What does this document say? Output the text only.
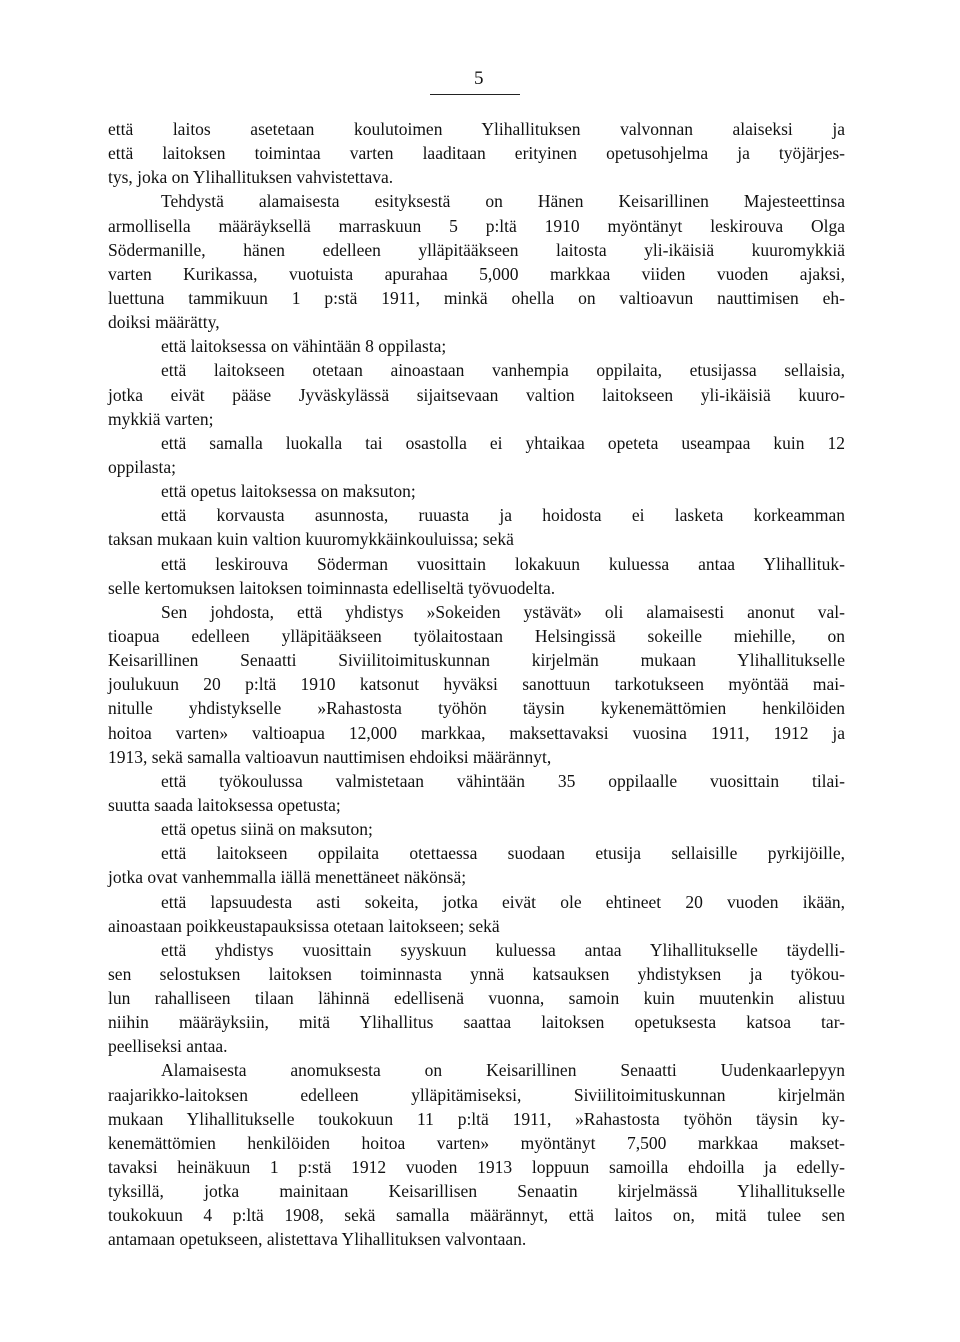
5
että laitos asetetaan koulutoimen Ylihallituksen valvonnan alaiseksi ja
että laitoksen toimintaa varten laaditaan erityinen opetusohjelma ja työjärjes-
tys, joka on Ylihallituksen vahvistettava.
Tehdystä alamaisesta esityksestä on Hänen Keisarillinen Majesteettinsa
armollisella määräyksellä marraskuun 5 p:ltä 1910 myöntänyt leskirouva Olga
Södermanille, hänen edelleen ylläpitääkseen laitosta yli-ikäisiä kuuromykkiä
varten Kurikassa, vuotuista apurahaa 5,000 markkaa viiden vuoden ajaksi,
luettuna tammikuun 1 p:stä 1911, minkä ohella on valtioavun nauttimisen eh-
doiksi määrätty,
että laitoksessa on vähintään 8 oppilasta;
että laitokseen otetaan ainoastaan vanhempia oppilaita, etusijassa sellaisia,
jotka eivät pääse Jyväskylässä sijaitsevaan valtion laitokseen yli-ikäisiä kuuro-
mykkiä varten;
että samalla luokalla tai osastolla ei yhtaikaa opeteta useampaa kuin 12
oppilasta;
että opetus laitoksessa on maksuton;
että korvausta asunnosta, ruuasta ja hoidosta ei lasketa korkeamman
taksan mukaan kuin valtion kuuromykkäinkouluissa; sekä
että leskirouva Söderman vuosittain lokakuun kuluessa antaa Ylihallituk-
selle kertomuksen laitoksen toiminnasta edelliseltä työvuodelta.
Sen johdosta, että yhdistys »Sokeiden ystävät» oli alamaisesti anonut val-
tioapua edelleen ylläpitääkseen työlaitostaan Helsingissä sokeille miehille, on
Keisarillinen Senaatti Siviilitoimituskunnan kirjelmän mukaan Ylihallitukselle
joulukuun 20 p:ltä 1910 katsonut hyväksi sanottuun tarkotukseen myöntää mai-
nitulle yhdistykselle »Rahastosta työhön täysin kykenemättömien henkilöiden
hoitoa varten» valtioapua 12,000 markkaa, maksettavaksi vuosina 1911, 1912 ja
1913, sekä samalla valtioavun nauttimisen ehdoiksi määrännyt,
että työkoulussa valmistetaan vähintään 35 oppilaalle vuosittain tilai-
suutta saada laitoksessa opetusta;
että opetus siinä on maksuton;
että laitokseen oppilaita otettaessa suodaan etusija sellaisille pyrkijöille,
jotka ovat vanhemmalla iällä menettäneet näkönsä;
että lapsuudesta asti sokeita, jotka eivät ole ehtineet 20 vuoden ikään,
ainoastaan poikkeustapauksissa otetaan laitokseen; sekä
että yhdistys vuosittain syyskuun kuluessa antaa Ylihallitukselle täydelli-
sen selostuksen laitoksen toiminnasta ynnä katsauksen yhdistyksen ja työkou-
lun rahalliseen tilaan lähinnä edellisenä vuonna, samoin kuin muutenkin alistuu
niihin määräyksiin, mitä Ylihallitus saattaa laitoksen opetuksesta katsoa tar-
peelliseksi antaa.
Alamaisesta anomuksesta on Keisarillinen Senaatti Uudenkaarlepyyn
raajarikko-laitoksen edelleen ylläpitämiseksi, Siviilitoimituskunnan kirjelmän
mukaan Ylihallitukselle toukokuun 11 p:ltä 1911, »Rahastosta työhön täysin ky-
kenemättömien henkilöiden hoitoa varten» myöntänyt 7,500 markkaa makset-
tavaksi heinäkuun 1 p:stä 1912 vuoden 1913 loppuun samoilla ehdoilla ja edelly-
tyksillä, jotka mainitaan Keisarillisen Senaatin kirjelmässä Ylihallitukselle
toukokuun 4 p:ltä 1908, sekä samalla määrännyt, että laitos on, mitä tulee sen
antamaan opetukseen, alistettava Ylihallituksen valvontaan.
